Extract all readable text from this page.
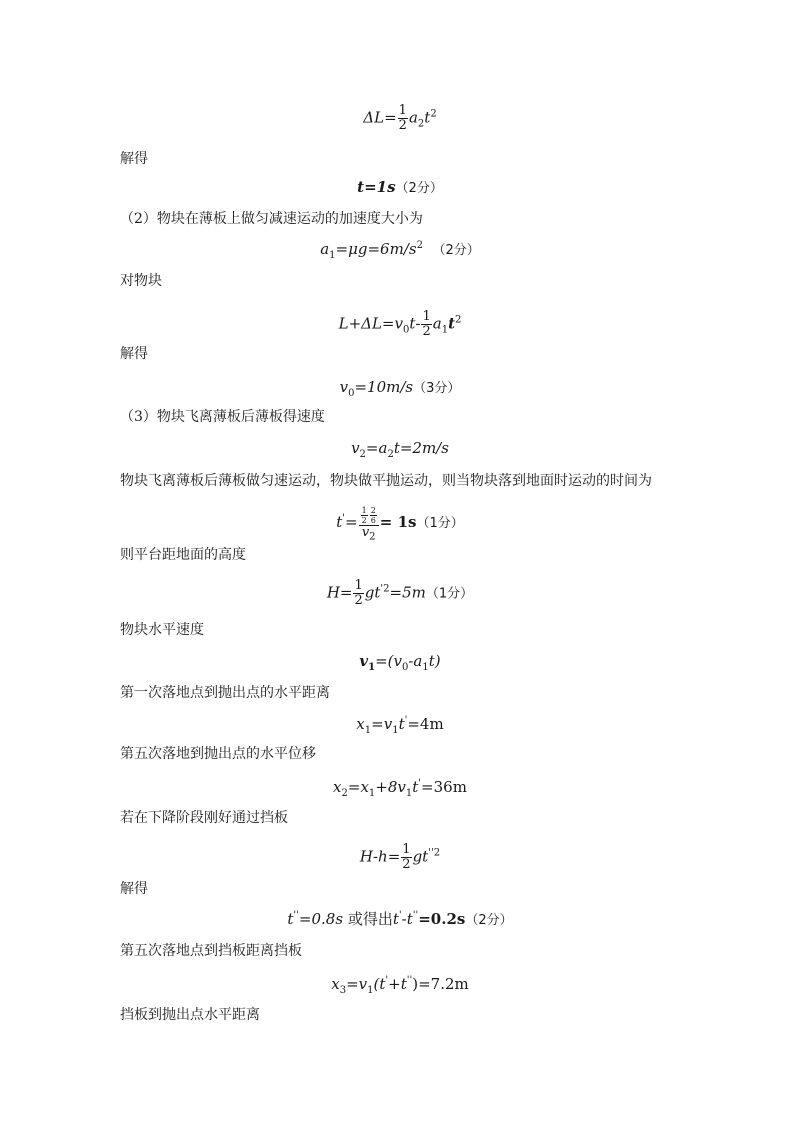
$\Delta L= \frac{1}{2} a_2t^2$
解得
t=1s（2分）
（2）物块在薄板上做匀减速运动的加速度大小为
$a_1=\mu g=6m/s^2$ （2分）
对物块
$L+\Delta L=v_0t- \frac{1}{2} a_1t^2$
解得
$v_0=10m/s(3$分）
（3）物块飞离薄板后薄板得速度
$v_2=a_2t=2m/s$
物块飞离薄板后薄板做匀速运动，物块做平抛运动，则当物块落到地面时运动的时间为
$t'= \frac{\frac{1}{2} \frac{2}{6}}{v_2} = 1s(1$分）
则平台距地面的高度
$H= \frac{1}{2} gt^{'2}=5m(1$分）
物块水平速度
$v_1=(v_0-a_1t)$
第一次落地点到抛出点的水平距离
$x_1=v_1t'=4m$
第五次落地到抛出点的水平位移
$x_2=x_1+8v_1t'=36m$
若在下降阶段刚好通过挡板
$H-h= \frac{1}{2} gt^{''2}$
解得
t''=0.8s 或得出t'-t''=0.2s（2分）
第五次落地点到挡板距离挡板
$x_3=v_1(t'+t'')=7.2m$
挡板到抛出点水平距离
